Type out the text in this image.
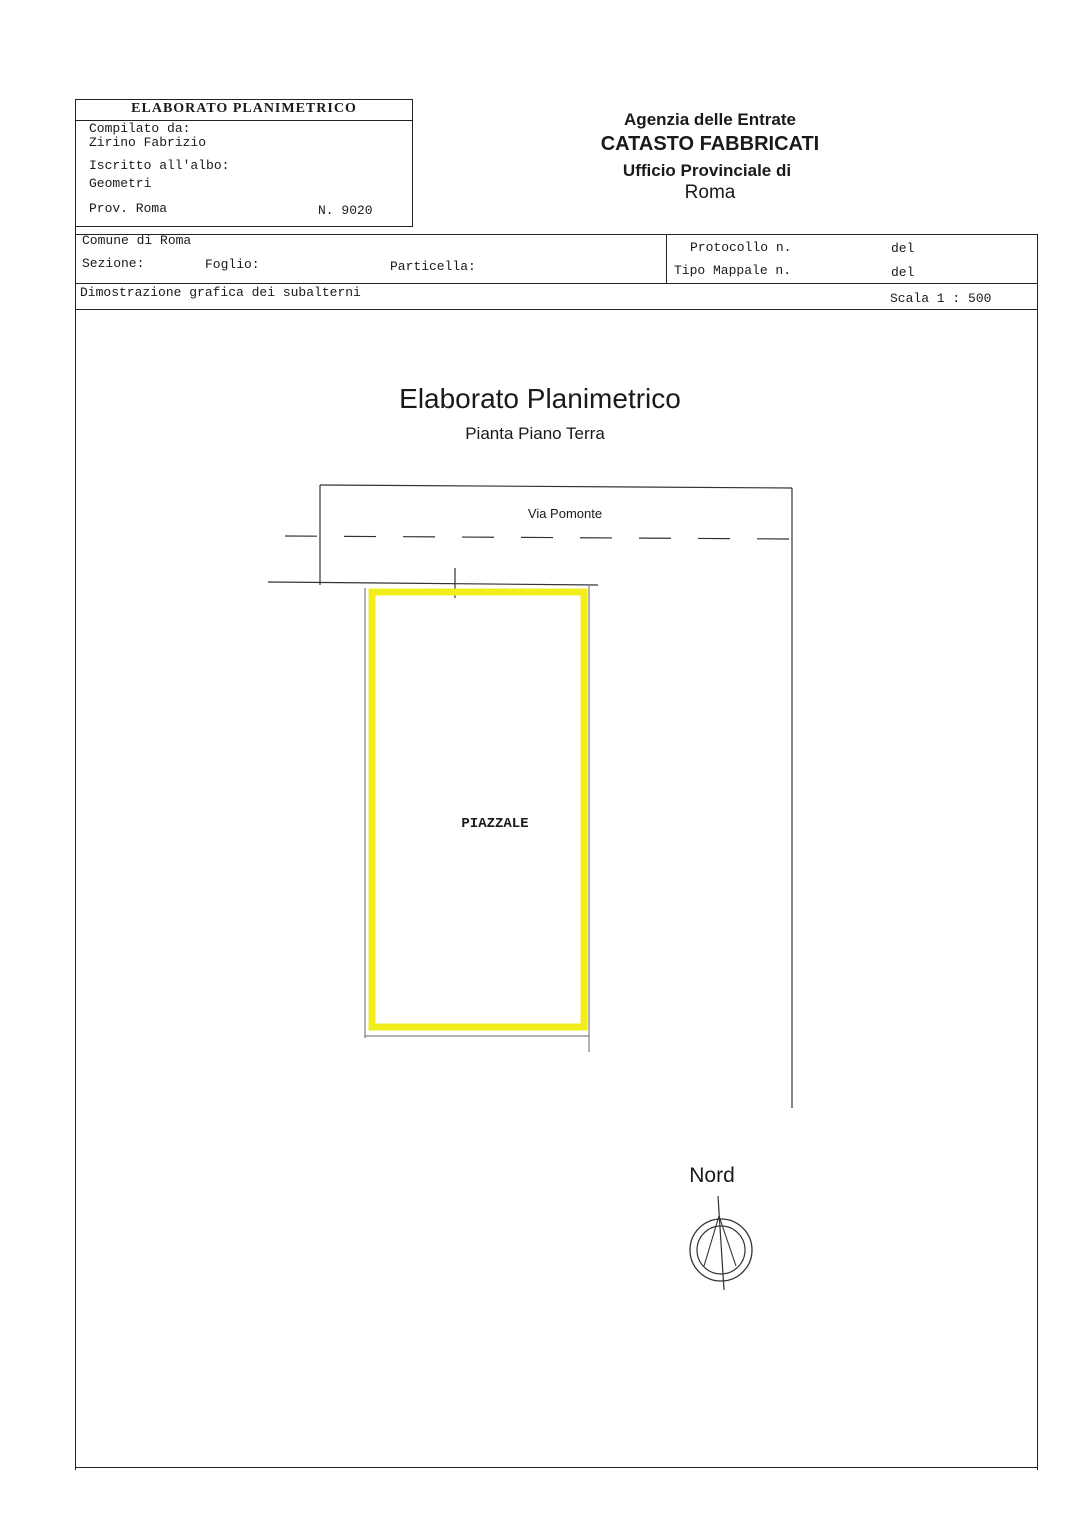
ELABORATO PLANIMETRICO
Compilato da:
Zirino Fabrizio
Iscritto all'albo:
Geometri
Prov. Roma	N. 9020
Agenzia delle Entrate
CATASTO FABBRICATI
Ufficio Provinciale di
Roma
Comune di Roma
Sezione:	Foglio:	Particella:
Protocollo n.	del
Tipo Mappale n.	del
Dimostrazione grafica dei subalterni	Scala 1 : 500
Elaborato Planimetrico
Pianta Piano Terra
Via Pomonte
PIAZZALE
Nord
